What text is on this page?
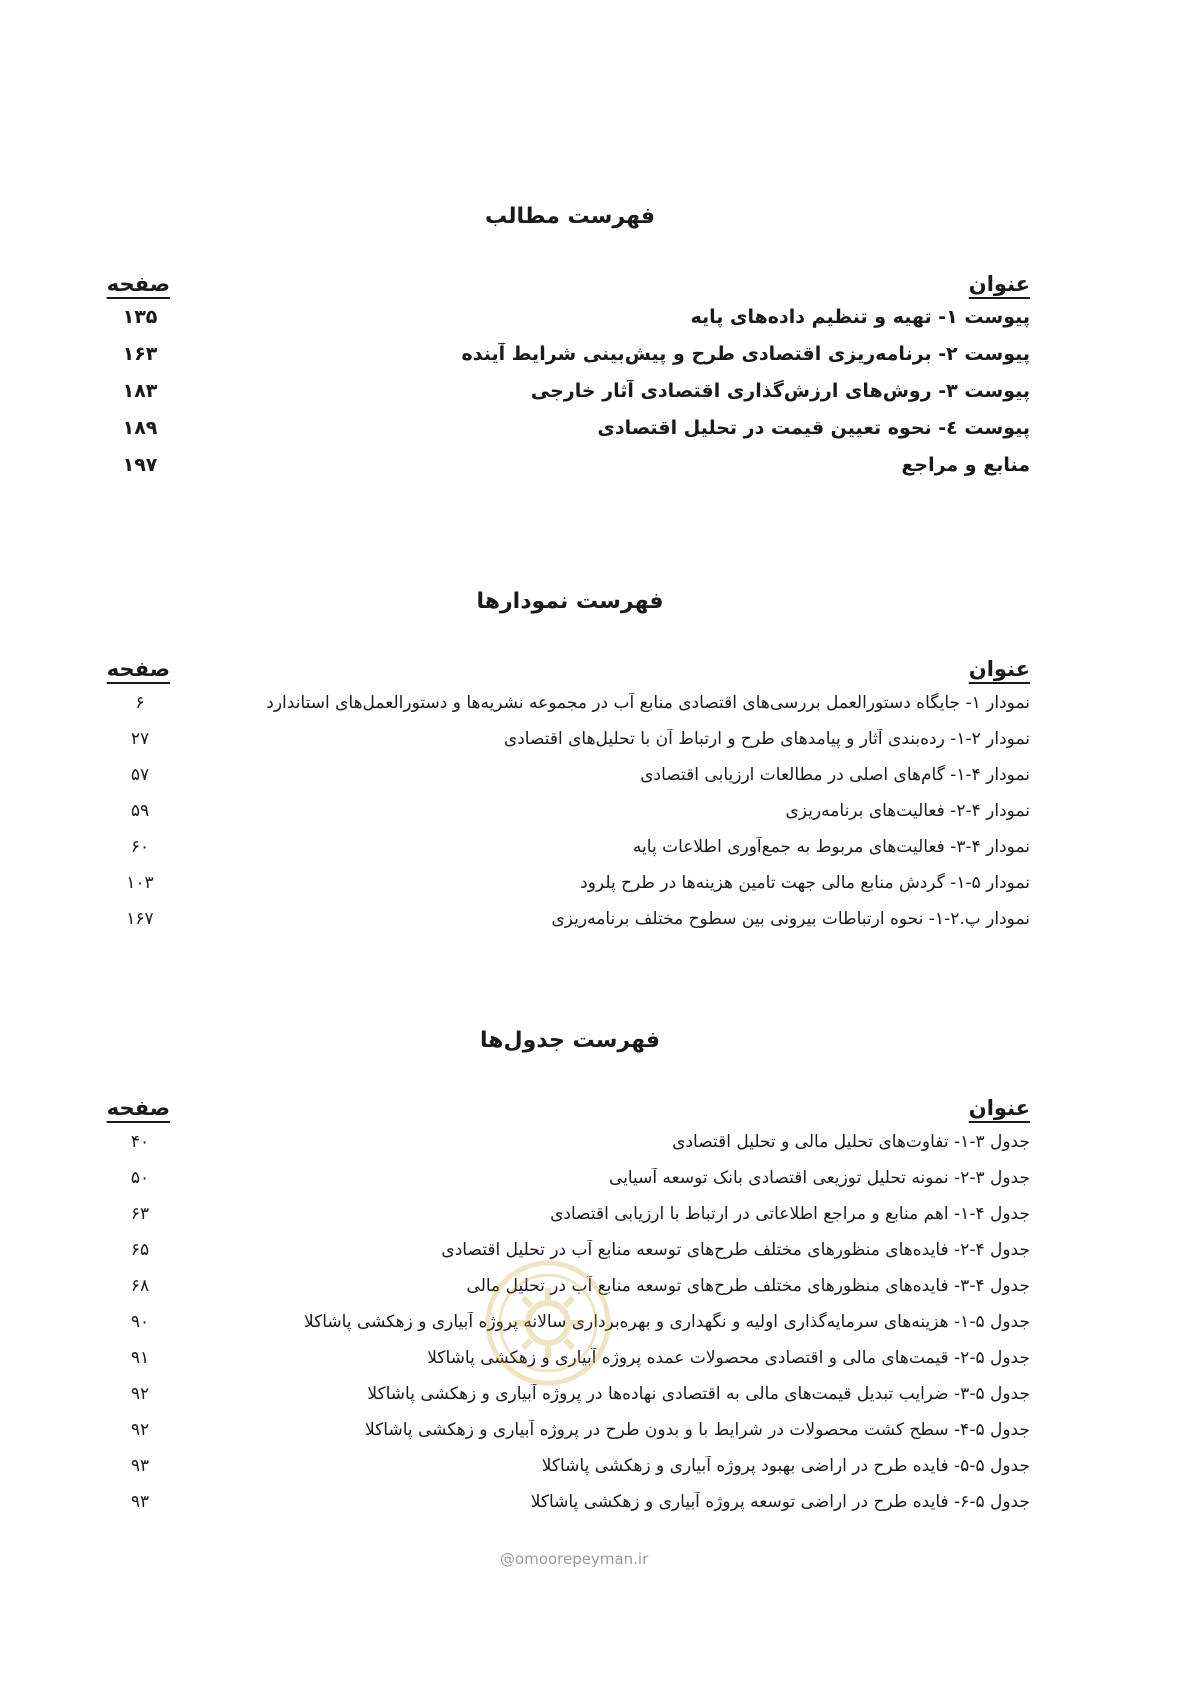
فهرست مطالب
عنوان
صفحه
پیوست ۱- تهیه و تنظیم داده‌های پایه
۱۳۵
پیوست ۲- برنامه‌ریزی اقتصادی طرح و پیش‌بینی شرایط آینده
۱۶۳
پیوست ۳- روش‌های ارزش‌گذاری اقتصادی آثار خارجی
۱۸۳
پیوست ٤- نحوه تعیین قیمت در تحلیل اقتصادی
۱۸۹
منابع و مراجع
۱۹۷
فهرست نمودارها
عنوان
صفحه
نمودار ۱- جایگاه دستورالعمل بررسی‌های اقتصادی منابع آب در مجموعه نشریه‌ها و دستورالعمل‌های استاندارد
۶
نمودار ۲-۱- رده‌بندی آثار و پیامدهای طرح و ارتباط آن با تحلیل‌های اقتصادی
۲۷
نمودار ۴-۱- گام‌های اصلی در مطالعات ارزیابی اقتصادی
۵۷
نمودار ۴-۲- فعالیت‌های برنامه‌ریزی
۵۹
نمودار ۴-۳- فعالیت‌های مربوط به جمع‌آوری اطلاعات پایه
۶۰
نمودار ۵-۱- گردش منابع مالی جهت تامین هزینه‌ها در طرح پلرود
۱۰۳
نمودار پ.۲-۱- نحوه ارتباطات بیرونی بین سطوح مختلف برنامه‌ریزی
۱۶۷
فهرست جدول‌ها
عنوان
صفحه
جدول ۳-۱- تفاوت‌های تحلیل مالی و تحلیل اقتصادی
۴۰
جدول ۳-۲- نمونه تحلیل توزیعی اقتصادی بانک توسعه آسیایی
۵۰
جدول ۴-۱- اهم منابع و مراجع اطلاعاتی در ارتباط با ارزیابی اقتصادی
۶۳
جدول ۴-۲- فایده‌های منظورهای مختلف طرح‌های توسعه منابع آب در تحلیل اقتصادی
۶۵
جدول ۴-۳- فایده‌های منظورهای مختلف طرح‌های توسعه منابع آب در تحلیل مالی
۶۸
جدول ۵-۱- هزینه‌های سرمایه‌گذاری اولیه و نگهداری و بهره‌برداری سالانه پروژه آبیاری و زهکشی پاشاکلا
۹۰
جدول ۵-۲- قیمت‌های مالی و اقتصادی محصولات عمده پروژه آبیاری و زهکشی پاشاکلا
۹۱
جدول ۵-۳- ضرایب تبدیل قیمت‌های مالی به اقتصادی نهاده‌ها در پروژه آبیاری و زهکشی پاشاکلا
۹۲
جدول ۵-۴- سطح کشت محصولات در شرایط با و بدون طرح در پروژه آبیاری و زهکشی پاشاکلا
۹۲
جدول ۵-۵- فایده طرح در اراضی بهبود پروژه آبیاری و زهکشی پاشاکلا
۹۳
جدول ۵-۶- فایده طرح در اراضی توسعه پروژه آبیاری و زهکشی پاشاکلا
۹۳
@omoorepeyman.ir
